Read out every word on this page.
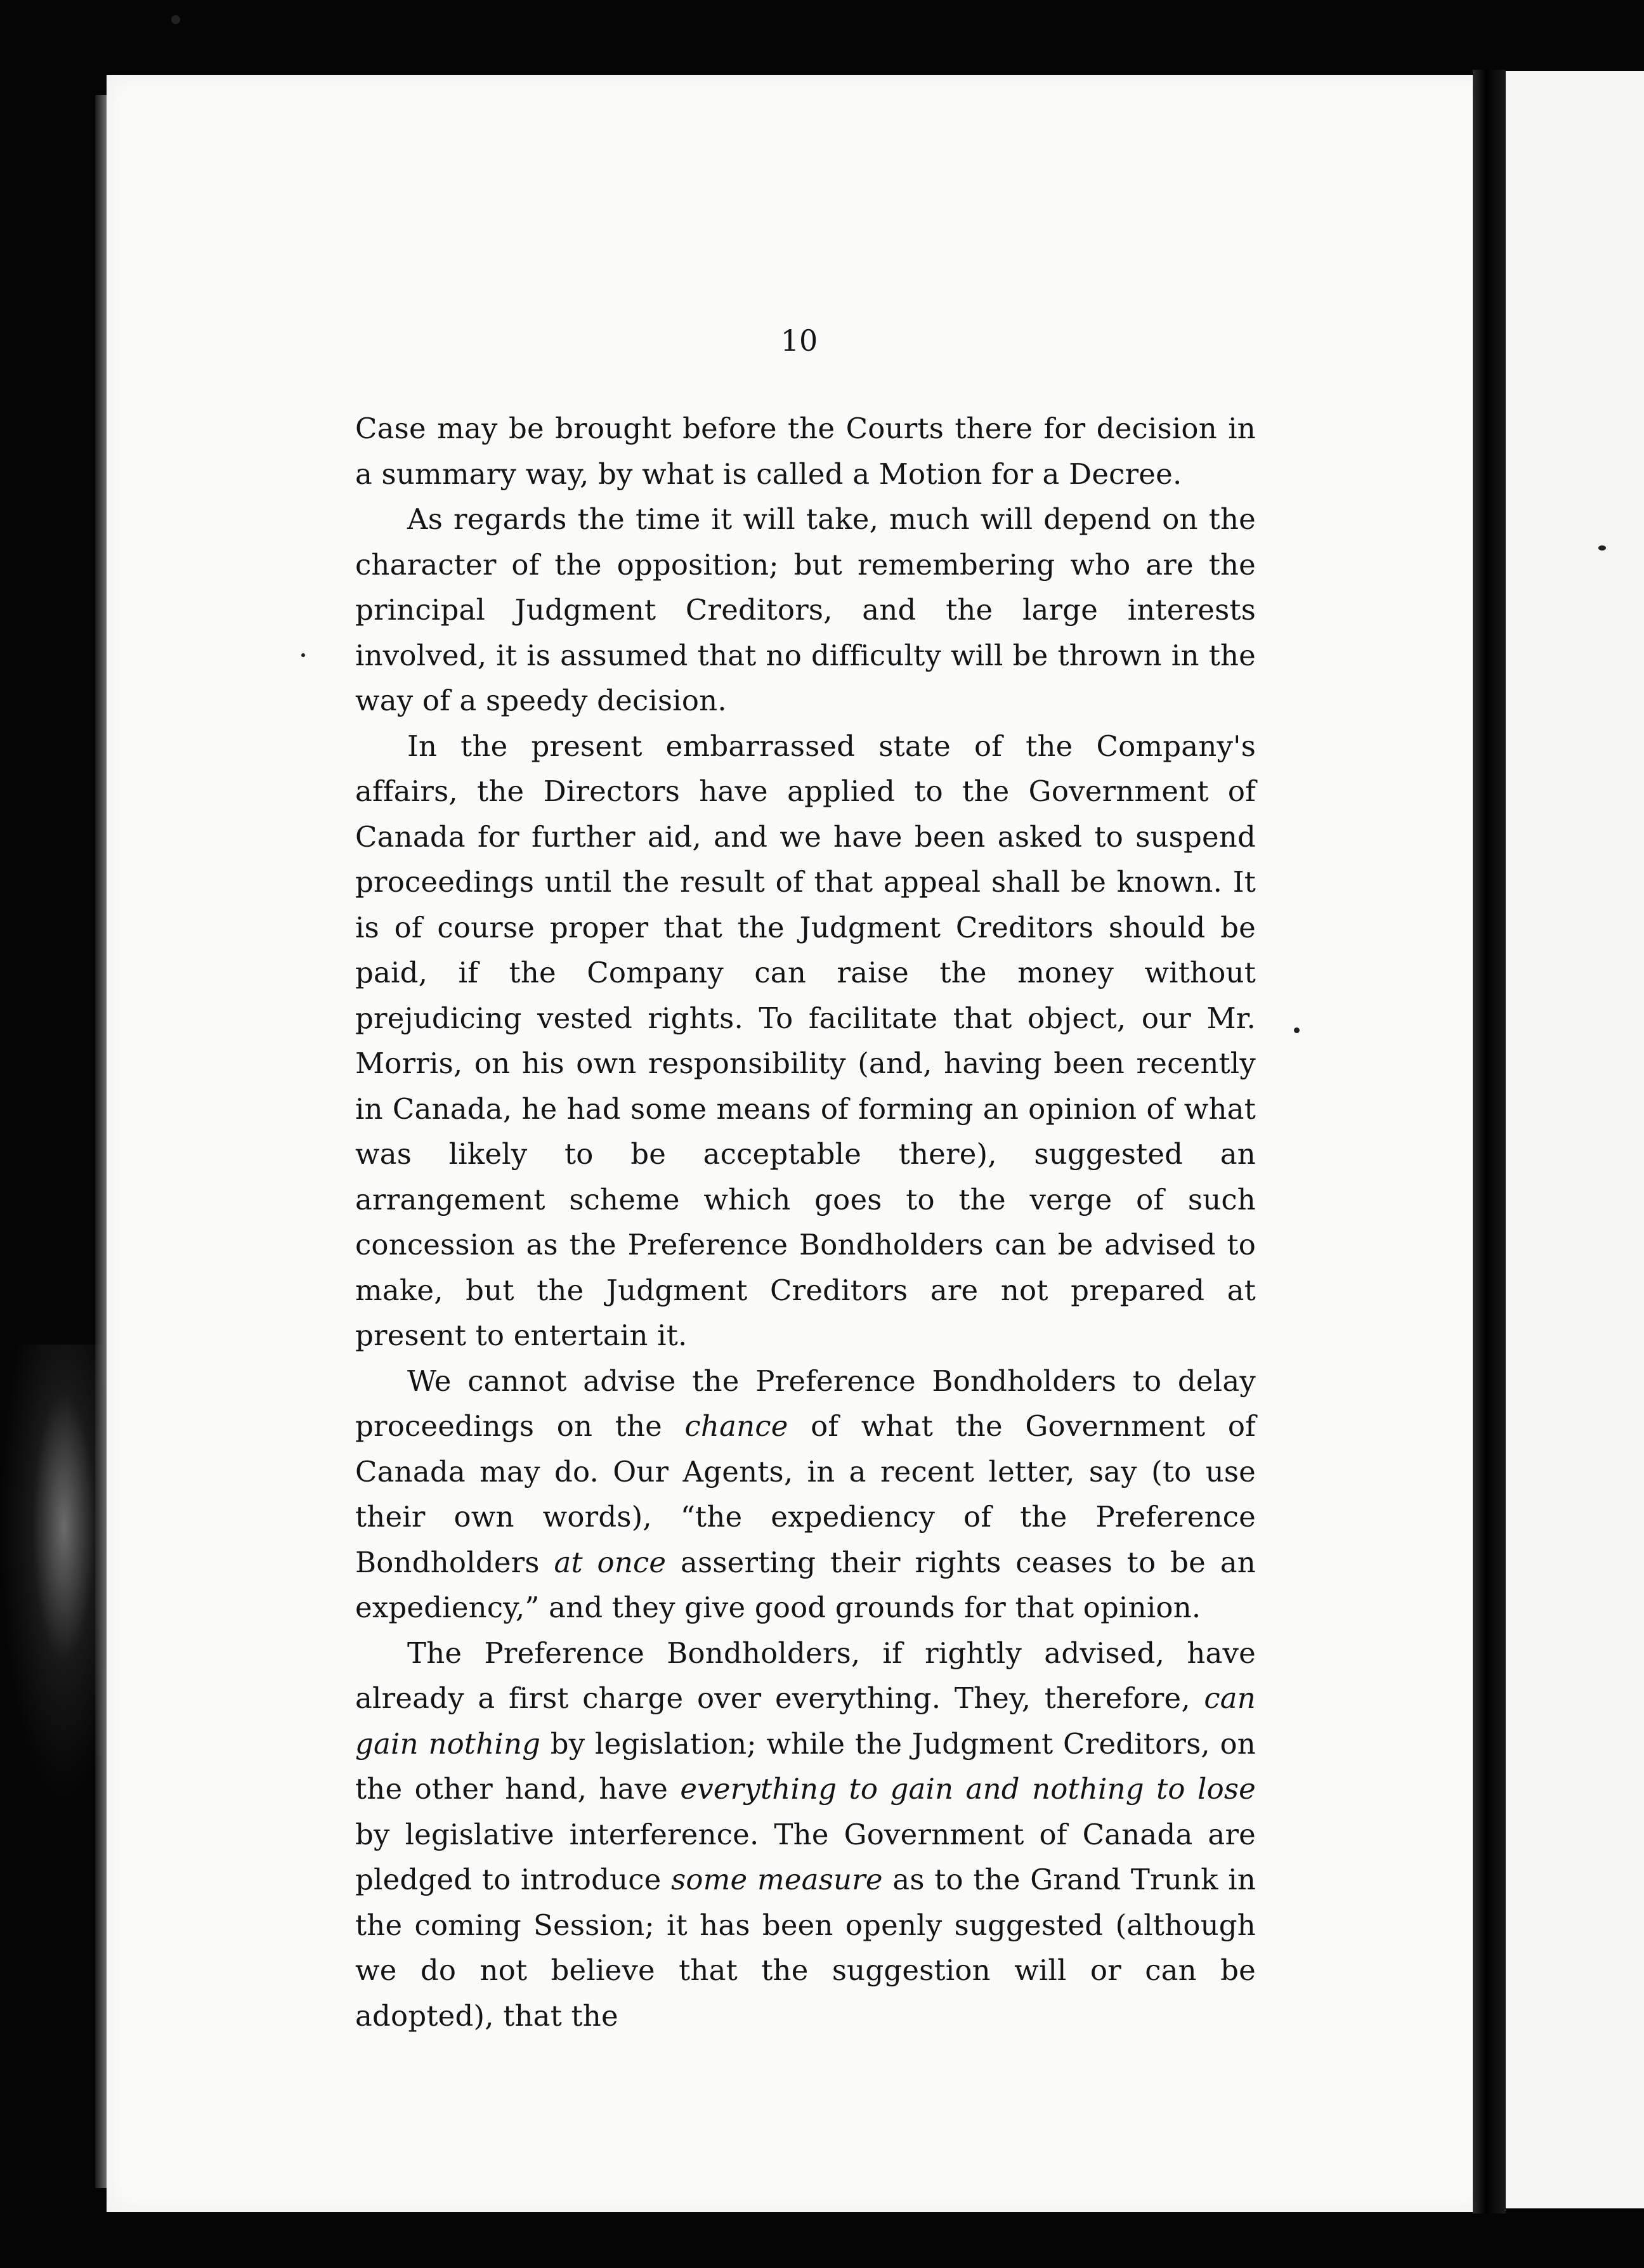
10

Case may be brought before the Courts there for decision in a summary way, by what is called a Motion for a Decree.

As regards the time it will take, much will depend on the character of the opposition; but remembering who are the principal Judgment Creditors, and the large interests involved, it is assumed that no difficulty will be thrown in the way of a speedy decision.

In the present embarrassed state of the Company's affairs, the Directors have applied to the Government of Canada for further aid, and we have been asked to suspend proceedings until the result of that appeal shall be known. It is of course proper that the Judgment Creditors should be paid, if the Company can raise the money without prejudicing vested rights. To facilitate that object, our Mr. Morris, on his own responsibility (and, having been recently in Canada, he had some means of forming an opinion of what was likely to be acceptable there), suggested an arrangement scheme which goes to the verge of such concession as the Preference Bondholders can be advised to make, but the Judgment Creditors are not prepared at present to entertain it.

We cannot advise the Preference Bondholders to delay proceedings on the chance of what the Government of Canada may do. Our Agents, in a recent letter, say (to use their own words), “the expediency of the Preference Bondholders at once asserting their rights ceases to be an expediency,” and they give good grounds for that opinion.

The Preference Bondholders, if rightly advised, have already a first charge over everything. They, therefore, can gain nothing by legislation; while the Judgment Creditors, on the other hand, have everything to gain and nothing to lose by legislative interference. The Government of Canada are pledged to introduce some measure as to the Grand Trunk in the coming Session; it has been openly suggested (although we do not believe that the suggestion will or can be adopted), that the
